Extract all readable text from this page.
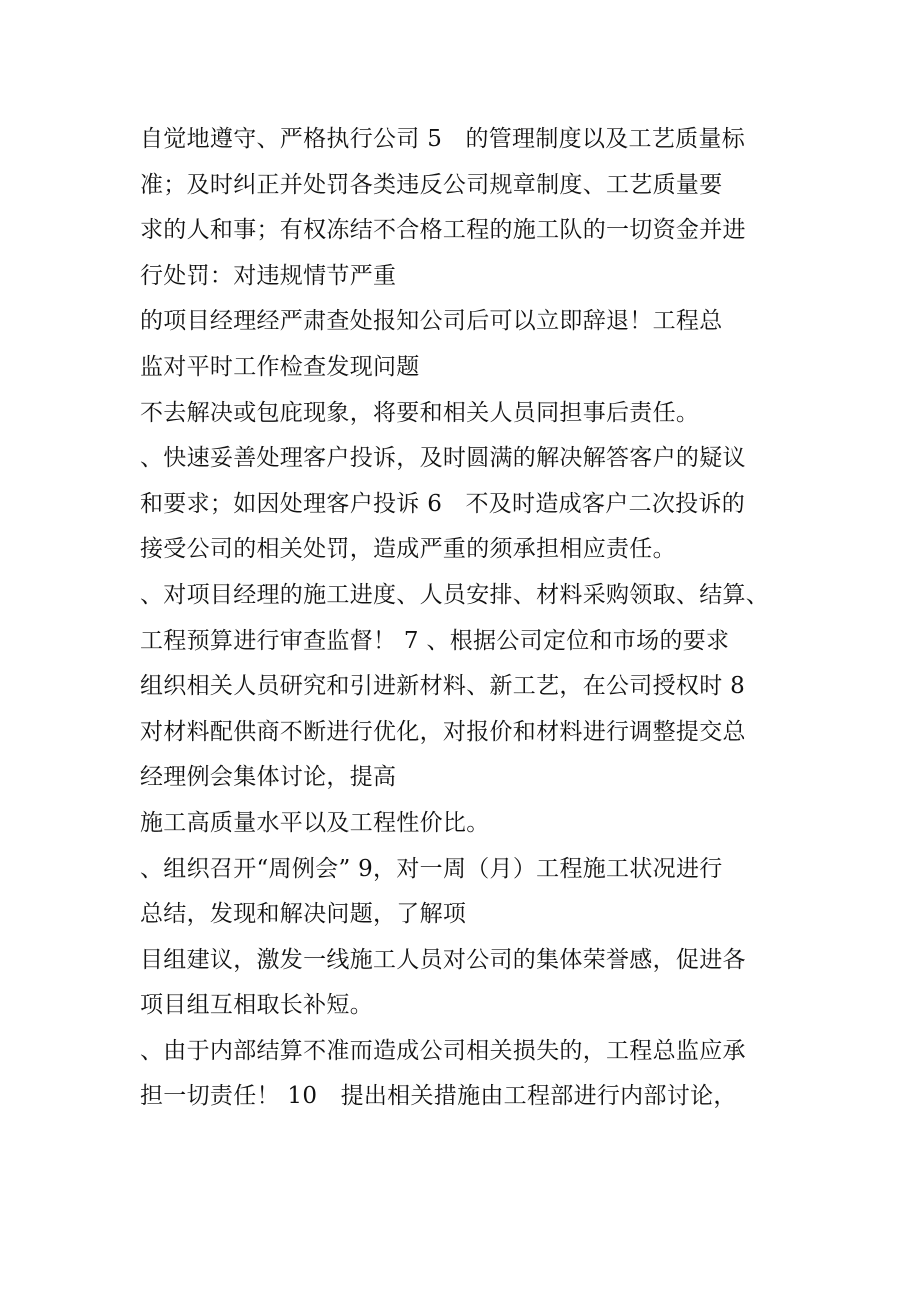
自觉地遵守、严格执行公司 5　的管理制度以及工艺质量标
准；及时纠正并处罚各类违反公司规章制度、工艺质量要
求的人和事；有权冻结不合格工程的施工队的一切资金并进
行处罚：对违规情节严重
的项目经理经严肃查处报知公司后可以立即辞退！工程总
监对平时工作检查发现问题
不去解决或包庇现象，将要和相关人员同担事后责任。
、快速妥善处理客户投诉，及时圆满的解决解答客户的疑议
和要求；如因处理客户投诉 6　不及时造成客户二次投诉的
接受公司的相关处罚，造成严重的须承担相应责任。
、对项目经理的施工进度、人员安排、材料采购领取、结算、
工程预算进行审查监督！ 7 、根据公司定位和市场的要求
组织相关人员研究和引进新材料、新工艺，在公司授权时 8
对材料配供商不断进行优化，对报价和材料进行调整提交总
经理例会集体讨论，提高
施工高质量水平以及工程性价比。
、组织召开“周例会” 9，对一周（月）工程施工状况进行
总结，发现和解决问题，了解项
目组建议，激发一线施工人员对公司的集体荣誉感，促进各
项目组互相取长补短。
、由于内部结算不准而造成公司相关损失的，工程总监应承
担一切责任！ 10　提出相关措施由工程部进行内部讨论，
